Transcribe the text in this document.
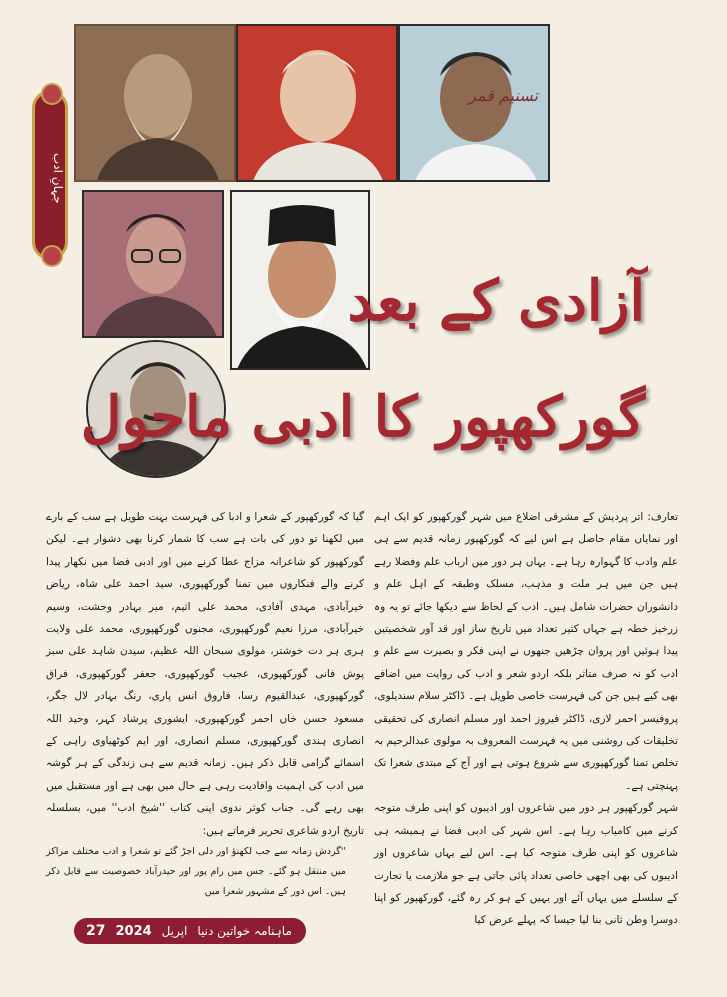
جہانِ ادب
تسنیم قمر
آزادی کے بعد
گورکھپور کا ادبی ماحول

تعارف: اتر پردیش کے مشرقی اضلاع میں شہر گورکھپور کو ایک اہم اور نمایاں مقام حاصل ہے اس لیے کہ گورکھپور زمانہ قدیم سے ہی علم وادب کا گہوارہ رہا ہے۔ یہاں ہر دور میں ارباب علم وفضلا رہے ہیں جن میں ہر ملت و مذہب، مسلک وطبقہ کے اہل علم و دانشوران حضرات شامل ہیں۔ ادب کے لحاظ سے دیکھا جائے تو یہ وہ زرخیز خطہ ہے جہاں کثیر تعداد میں تاریخ ساز اور قد آور شخصیتیں پیدا ہوئیں اور پروان چڑھیں جنھوں نے اپنی فکر و بصیرت سے علم و ادب کو نہ صرف متاثر بلکہ اردو شعر و ادب کی روایت میں اضافے بھی کیے ہیں جن کی فہرست خاصی طویل ہے۔ ڈاکٹر سلام سندیلوی، پروفیسر احمر لاری، ڈاکٹر فیروز احمد اور مسلم انصاری کی تحقیقی تخلیقات کی روشنی میں یہ فہرست المعروف بہ مولوی عبدالرحیم بہ تخلص تمنا گورکھپوری سے شروع ہوتی ہے اور آج کے مبتدی شعرا تک پہنچتی ہے۔

شہر گورکھپور ہر دور میں شاعروں اور ادیبوں کو اپنی طرف متوجہ کرنے میں کامیاب رہا ہے۔ اس شہر کی ادبی فضا نے ہمیشہ ہی شاعروں کو اپنی طرف متوجہ کیا ہے۔ اس لیے یہاں شاعروں اور ادیبوں کی بھی اچھی خاصی تعداد پائی جاتی ہے جو ملازمت یا تجارت کے سلسلے میں یہاں آئے اور یہیں کے ہو کر رہ گئے، گورکھپور کو اپنا دوسرا وطن ثانی بنا لیا جیسا کہ پہلے عرض کیا

گیا کہ گورکھپور کے شعرا و ادبا کی فہرست بہت طویل ہے سب کے بارے میں لکھنا تو دور کی بات ہے سب کا شمار کرنا بھی دشوار ہے۔ لیکن گورکھپور کو شاعرانہ مزاج عطا کرنے میں اور ادبی فضا میں نکھار پیدا کرنے والے فنکاروں میں تمنا گورکھپوری، سید احمد علی شاہ، ریاض خیرآبادی، مہدی آفادی، محمد علی اثیم، میر بہادر وحشت، وسیم خیرآبادی، مرزا نعیم گورکھپوری، مجنوں گورکھپوری، محمد علی ولایت ہری ہر دت خوشتر، مولوی سبحان اللہ عظیم، سیدن شاہد علی سبز پوش فانی گورکھپوری، عجیب گورکھپوری، جعفر گورکھپوری، فراق گورکھپوری، عبدالقیوم رسا، فاروق انس پاری، رنگ بہادر لال جگر، مسعود حسن خاں احمر گورکھپوری، ایشوری پرشاد کہر، وحید اللہ انصاری ہندی گورکھپوری، مسلم انصاری، اور ایم کوٹھیاوی راہی کے اسمائے گرامی قابل ذکر ہیں۔ زمانہ قدیم سے ہی زندگی کے ہر گوشہ میں ادب کی اہمیت وافادیت رہی ہے حال میں بھی ہے اور مستقبل میں بھی رہے گی۔ جناب کوثر ندوی اپنی کتاب ''شیخ ادب'' میں، بسلسلہ تاریخ اردو شاعری تحریر فرماتے ہیں:

''گردش زمانہ سے جب لکھنؤ اور دلی اجڑ گئے تو شعرا و ادب مختلف مراکز میں منتقل ہو گئے۔ جس میں رام پور اور حیدرآباد خصوصیت سے قابل ذکر ہیں۔ اس دور کے مشہور شعرا میں

ماہنامہ خواتین دنیا
اپریل
2024
27
